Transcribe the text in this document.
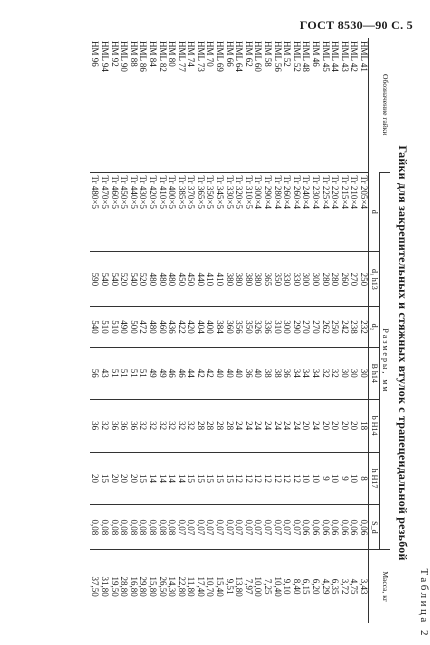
ГОСТ 8530—90 С. 5
Таблица 2
Гайки для закрепительных и стяжных втулок с трапецеидальной резьбой
Обозначение гайки	Размеры, мм							Масса, кг
	d	d₁ h13	d₂	B h14	b H14	h H17	S_d	
HML 41	Tr 205×4	250	232	30	18	8	0,06	3,43
HML 42	Tr 210×4	270	238	30	20	10	0,06	4,75
HML 43	Tr 215×4	260	242	30	20	9	0,06	3,72
HML 44	Tr 220×4	280	250	32	20	10	0,06	6,35
HML 45	Tr 225×4	280	262	32	20	9	0,06	4,29
HM 46	Tr 230×4	300	270	34	24	10	0,06	6,20
HML 48	Tr 240×4	300	270	34	20	10	0,06	6,15
HML 52	Tr 260×4	330	290	34	24	12	0,07	8,40
HM 52	Tr 260×4	330	300	36	24	12	0,07	9,10
HML 56	Tr 280×4	350	310	38	24	12	0,07	10,40
HM 58	Tr 290×4	365	336	38	24	12	0,07	7,25
HML 60	Tr 300×4	380	326	40	24	12	0,07	10,00
HM 62	Tr 310×5	380	350	36	24	12	0,07	7,97
HML 64	Tr 320×5	380	356	40	24	12	0,07	13,80
HM 66	Tr 330×5	380	360	40	28	15	0,07	9,51
HML 69	Tr 345×5	410	384	40	28	15	0,07	15,40
HM 70	Tr 350×5	410	400	42	28	15	0,07	10,70
HML 73	Tr 365×5	440	404	42	28	15	0,07	17,40
HM 74	Tr 370×5	450	420	44	32	15	0,07	11,80
HML 77	Tr 385×5	450	422	46	32	14	0,07	22,80
HM 80	Tr 400×5	480	436	46	32	14	0,08	14,30
HML 82	Tr 410×5	480	460	49	32	14	0,08	26,50
HM 84	Tr 420×5	480	480	49	32	14	0,08	15,80
HML 86	Tr 430×5	520	472	51	32	15	0,08	29,80
HM 88	Tr 440×5	540	500	51	36	20	0,08	16,80
HML 90	Tr 450×5	520	490	51	36	20	0,08	28,80
HM 92	Tr 460×5	540	510	51	36	20	0,08	19,50
HML 94	Tr 470×5	540	510	43	32	15	0,08	31,80
HM 96	Tr 480×5	590	540	56	36	20	0,08	37,50
